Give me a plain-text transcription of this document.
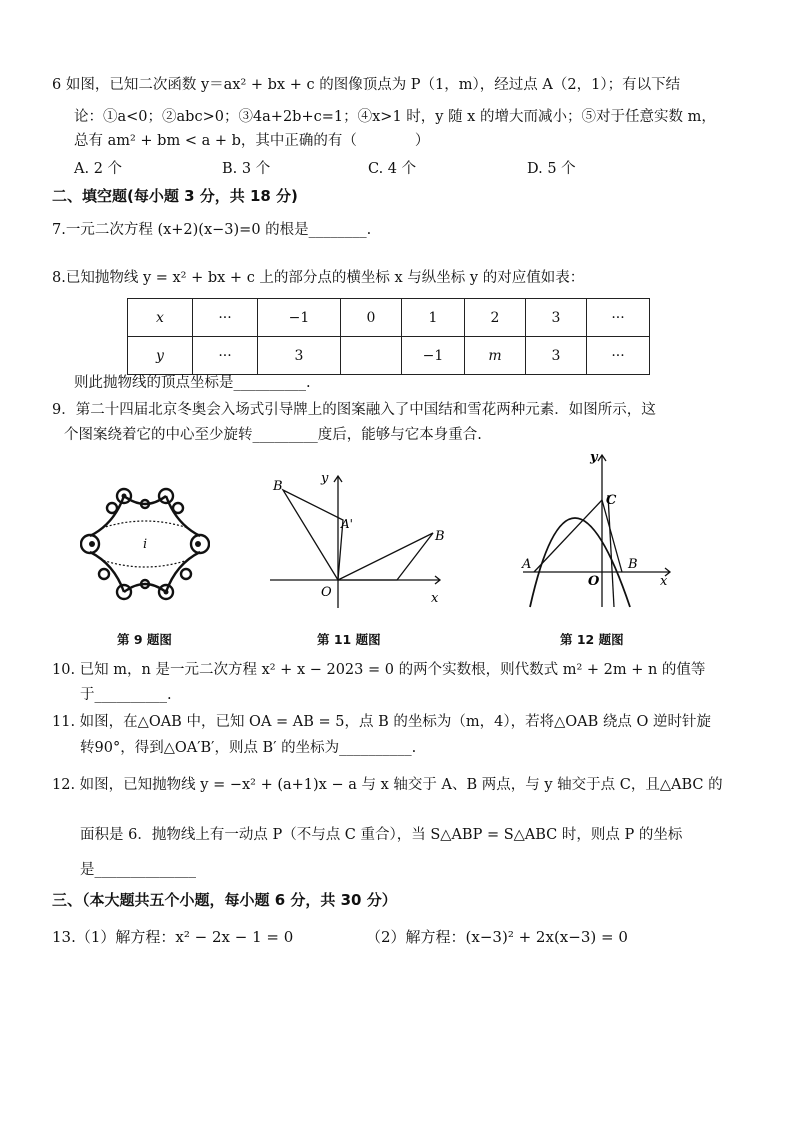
6 如图，已知二次函数 y＝ax² + bx + c 的图像顶点为 P（1，m），经过点 A（2，1）；有以下结
论：①a<0；②abc>0；③4a+2b+c=1；④x>1 时，y 随 x 的增大而减小；⑤对于任意实数 m，
总有 am² + bm < a + b，其中正确的有（　　　　）
A. 2 个	B. 3 个	C. 4 个	D. 5 个
二、填空题(每小题 3 分，共 18 分)
7.一元二次方程 (x+2)(x−3)=0 的根是________.
8.已知抛物线 y = x² + bx + c 上的部分点的横坐标 x 与纵坐标 y 的对应值如表：
x	···	−1	0	1	2	3	···
y	···	3		−1	m	3	···
则此抛物线的顶点坐标是__________.
9．第二十四届北京冬奥会入场式引导牌上的图案融入了中国结和雪花两种元素．如图所示，这
个图案绕着它的中心至少旋转_________度后，能够与它本身重合.
i
B
A'
B
O	x
y
y
C
A
O
B
x
第 9 题图	第 11 题图	第 12 题图
10. 已知 m，n 是一元二次方程 x² + x − 2023 = 0 的两个实数根，则代数式 m² + 2m + n 的值等
于__________.
11. 如图，在△OAB 中，已知 OA = AB = 5，点 B 的坐标为（m，4），若将△OAB 绕点 O 逆时针旋
转90°，得到△OA′B′，则点 B′ 的坐标为__________.
12. 如图，已知抛物线 y = −x² + (a+1)x − a 与 x 轴交于 A、B 两点，与 y 轴交于点 C，且△ABC 的
面积是 6．抛物线上有一动点 P（不与点 C 重合），当 S△ABP = S△ABC 时，则点 P 的坐标
是______________
三、（本大题共五个小题，每小题 6 分，共 30 分）
13.（1）解方程：x² − 2x − 1 = 0	（2）解方程：(x−3)² + 2x(x−3) = 0
